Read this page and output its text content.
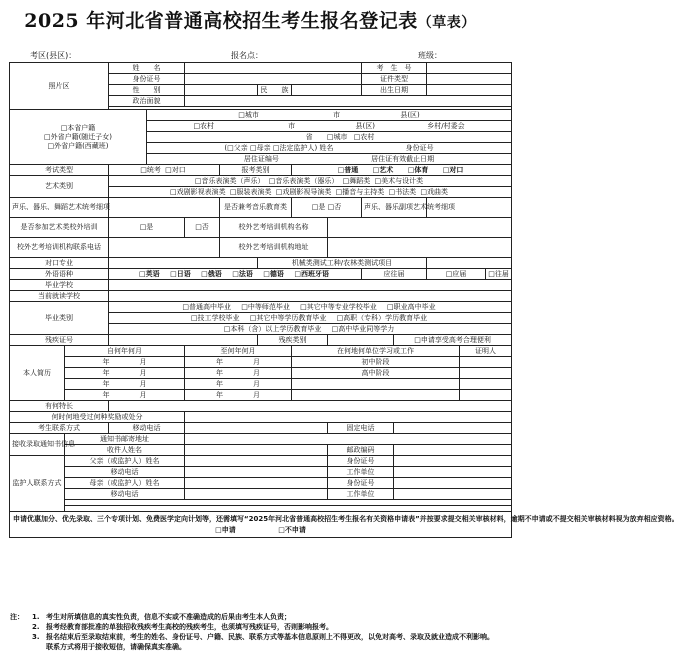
2025 年河北省普通高校招生考生报名登记表（草表）
考区(县区)：	报名点：	班级：
照片区		姓　　名							考　生　号				
		身份证号							证件类型				
		性　　别				民　　族			出生日期				
		政治面貌											

□本省户籍
□外省户籍(随迁子女)
□外省户籍(西藏班)			□城市 市 县(区)										
			□农村 市 县(区) 乡村/村委会										
			省 □城市 □农村										
			(□父亲 □母亲 □法定监护人) 姓名 身份证号										
			居住证编号 居住证有效截止日期										
考试类型		□统考 □对口			报考类别		□普通 □艺术 □体育 □对口						
艺术类别		□音乐表演类（声乐） □音乐表演类（器乐） □舞蹈类 □美术与设计类											
		□戏剧影视表演类 □服装表演类 □戏剧影视导演类 □播音与主持类 □书法类 □戏曲类											
声乐、器乐、舞蹈艺术统考细项					是否兼考音乐教育类		□是 □否		声乐、器乐副项艺术统考细项				
是否参加艺术类校外培训		□是		□否	校外艺考培训机构名称								
校外艺考培训机构联系电话					校外艺考培训机构地址								
对口专业						机械类测试工种/农林类测试项目							
外语语种		□英语 □日语 □俄语 □法语 □德语 □西班牙语							应往届		□应届		□往届
毕业学校													
当前就读学校													
毕业类别		□普通高中毕业 □中等师范毕业 □其它中等专业学校毕业 □职业高中毕业											
		□技工学校毕业 □其它中等学历教育毕业 □高职（专科）学历教育毕业											
		□本科（含）以上学历教育毕业 □高中毕业同等学力											
残疾证号						残疾类别				□申请享受高考合理便利			
本人简历	自何年何月			至何年何月			在何地何单位学习或工作					证明人	
	年 月			年 月			初中阶段						
	年 月			年 月			高中阶段						
	年 月			年 月									
	年 月			年 月									
有何特长													
何时何地受过何种奖励或处分													
考生联系方式		移动电话						固定电话					
接收录取通知书信息	通知书邮寄地址												
	收件人姓名							邮政编码					
监护人联系方式	父亲（或监护人）姓名							身份证号					
	移动电话							工作单位					
	母亲（或监护人）姓名							身份证号					
	移动电话							工作单位					

申请优惠加分、优先录取、三个专项计划、免费医学定向计划等，还需填写“2025年河北省普通高校招生考生报名有关资格申请表”并按要求提交相关审核材料，逾期不申请或不提交相关审核材料视为放弃相应资格。
□申请 □不申请													
注： 1. 考生对所填信息的真实性负责，信息不实或不准确造成的后果由考生本人负责；
2. 报考经教育部批准的单独招收残疾考生高校的残疾考生，也须填写残疾证号，否则影响报考。
3. 报名结束后至录取结束前，考生的姓名、身份证号、户籍、民族、联系方式等基本信息原则上不得更改，以免对高考、录取及就业造成不利影响。联系方式将用于接收短信，请确保真实准确。
